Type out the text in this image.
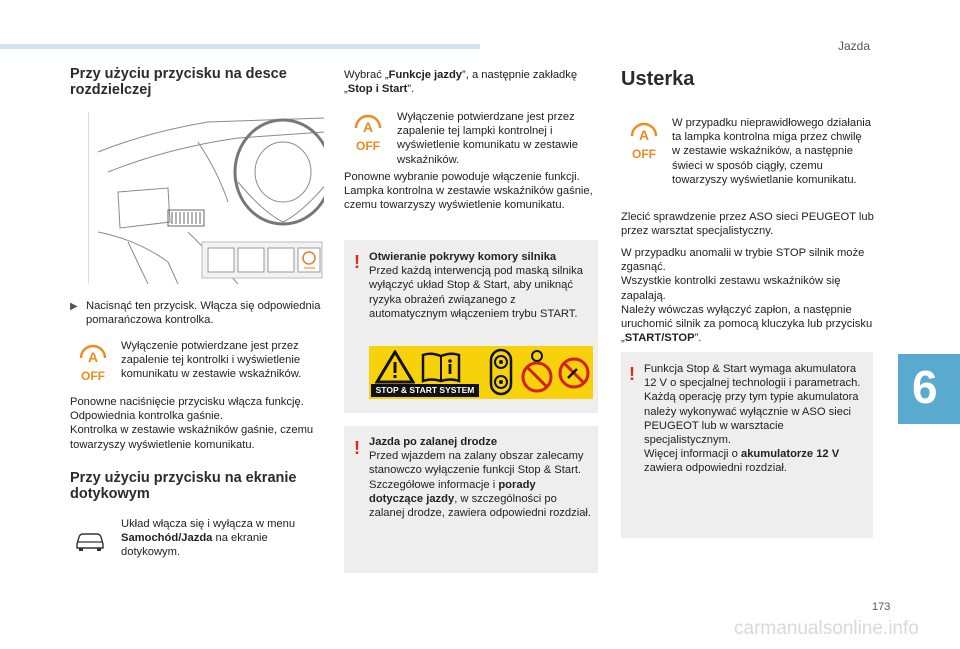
Jazda
6
Przy użyciu przycisku na desce rozdzielczej
▶ Nacisnąć ten przycisk. Włącza się odpowiednia pomarańczowa kontrolka.
A
OFF
Wyłączenie potwierdzane jest przez zapalenie tej kontrolki i wyświetlenie komunikatu w zestawie wskaźników.
Ponowne naciśnięcie przycisku włącza funkcję.
Odpowiednia kontrolka gaśnie.
Kontrolka w zestawie wskaźników gaśnie, czemu towarzyszy wyświetlenie komunikatu.
Przy użyciu przycisku na ekranie dotykowym
Układ włącza się i wyłącza w menu Samochód/Jazda na ekranie dotykowym.
Wybrać „Funkcje jazdy”, a następnie zakładkę „Stop i Start”.
A
OFF
Wyłączenie potwierdzane jest przez zapalenie tej lampki kontrolnej i wyświetlenie komunikatu w zestawie wskaźników.
Ponowne wybranie powoduje włączenie funkcji. Lampka kontrolna w zestawie wskaźników gaśnie, czemu towarzyszy wyświetlenie komunikatu.
! Otwieranie pokrywy komory silnika
Przed każdą interwencją pod maską silnika wyłączyć układ Stop & Start, aby uniknąć ryzyka obrażeń związanego z automatycznym włączeniem trybu START.
STOP & START SYSTEM
! Jazda po zalanej drodze
Przed wjazdem na zalany obszar zalecamy stanowczo wyłączenie funkcji Stop & Start.
Szczegółowe informacje i porady dotyczące jazdy, w szczególności po zalanej drodze, zawiera odpowiedni rozdział.
Usterka
A
OFF
W przypadku nieprawidłowego działania ta lampka kontrolna miga przez chwilę w zestawie wskaźników, a następnie świeci w sposób ciągły, czemu towarzyszy wyświetlanie komunikatu.
Zlecić sprawdzenie przez ASO sieci PEUGEOT lub przez warsztat specjalistyczny.
W przypadku anomalii w trybie STOP silnik może zgasnąć.
Wszystkie kontrolki zestawu wskaźników się zapalają.
Należy wówczas wyłączyć zapłon, a następnie uruchomić silnik za pomocą kluczyka lub przycisku „START/STOP”.
! Funkcja Stop & Start wymaga akumulatora 12 V o specjalnej technologii i parametrach.
Każdą operację przy tym typie akumulatora należy wykonywać wyłącznie w ASO sieci PEUGEOT lub w warsztacie specjalistycznym.
Więcej informacji o akumulatorze 12 V zawiera odpowiedni rozdział.
173
carmanualsonline.info
